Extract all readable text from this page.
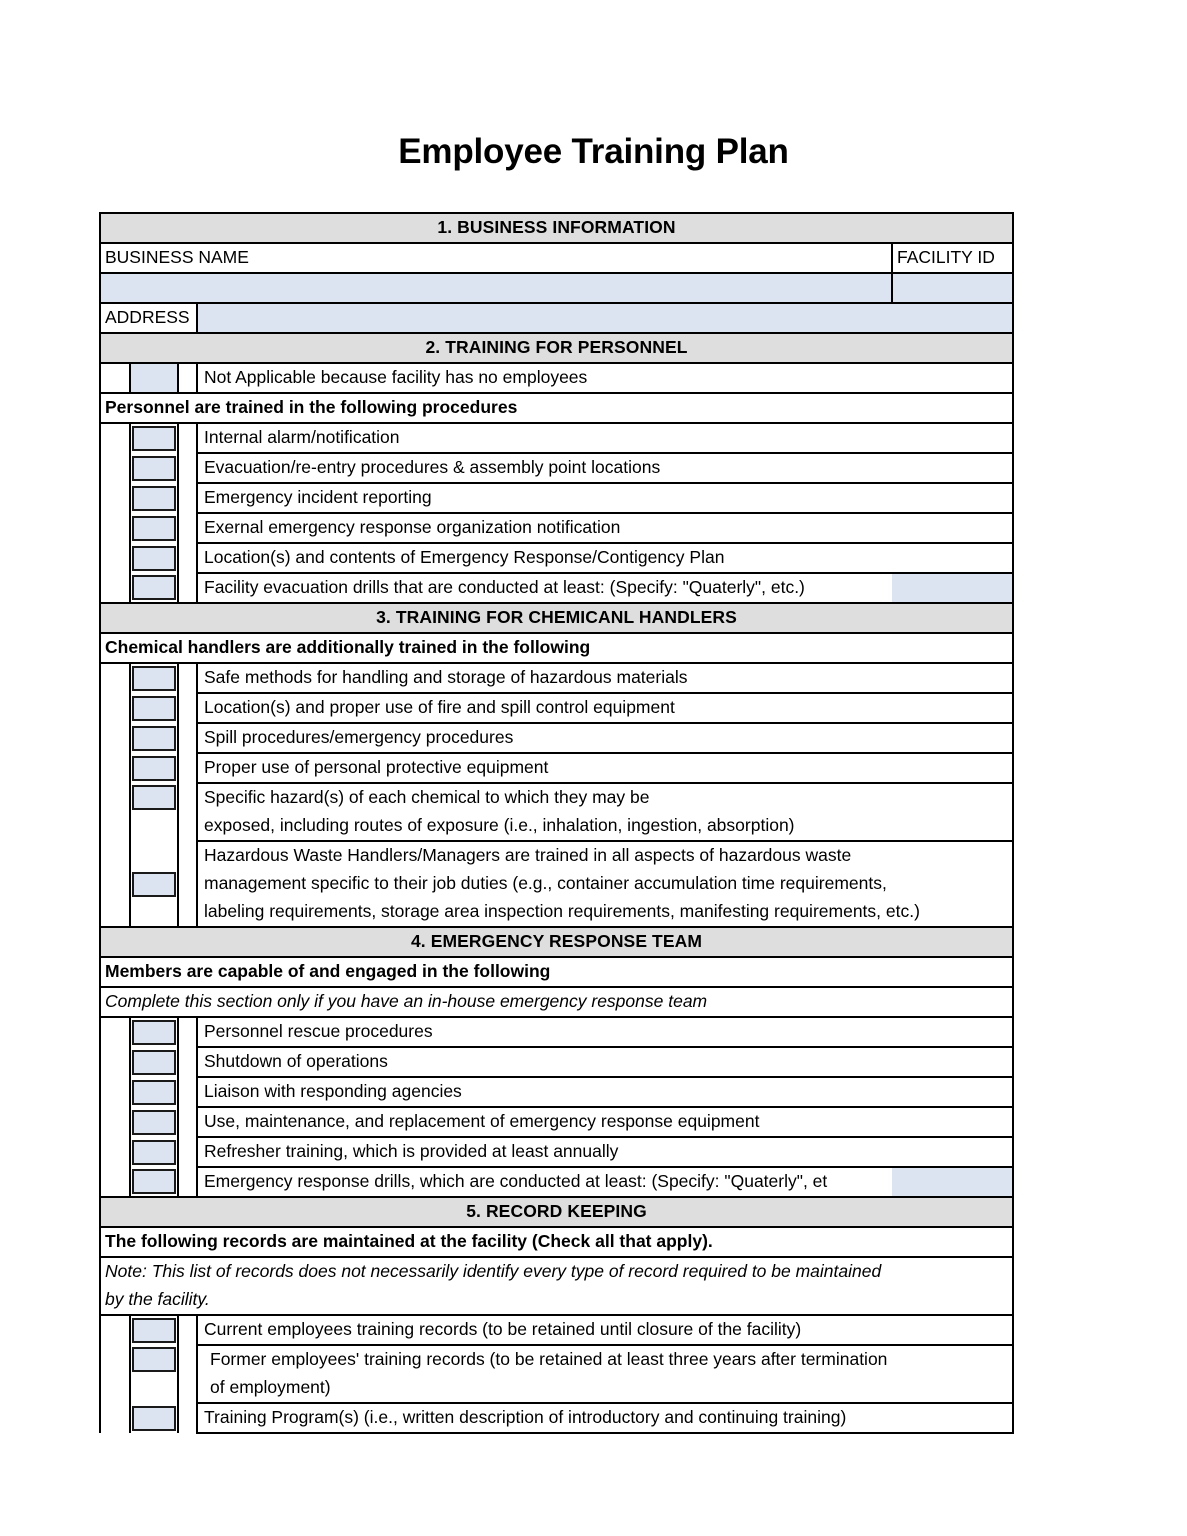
Employee Training Plan
1. BUSINESS INFORMATION				
BUSINESS NAME				FACILITY ID

ADDRESS				
2. TRAINING FOR PERSONNEL				
			Not Applicable because facility has no employees	
Personnel are trained in the following procedures				

		Internal alarm/notification	

			Evacuation/re-entry procedures & assembly point locations	

			Emergency incident reporting	

			Exernal emergency response organization notification	

			Location(s) and contents of Emergency Response/Contigency Plan	

			Facility evacuation drills that are conducted at least: (Specify: "Quaterly", etc.)	
3. TRAINING FOR CHEMICANL HANDLERS				
Chemical handlers are additionally trained in the following				

		Safe methods for handling and storage of hazardous materials	

			Location(s) and proper use of fire and spill control equipment	

			Spill procedures/emergency procedures	

			Proper use of personal protective equipment	

			Specific hazard(s) of each chemical to which they may be	
			exposed, including routes of exposure (i.e., inhalation, ingestion, absorption)	
			Hazardous Waste Handlers/Managers are trained in all aspects of hazardous waste	

			management specific to their job duties (e.g., container accumulation time requirements,	
			labeling requirements, storage area inspection requirements, manifesting requirements, etc.)	
4. EMERGENCY RESPONSE TEAM				
Members are capable of and engaged in the following				
Complete this section only if you have an in-house emergency response team				

		Personnel rescue procedures	

			Shutdown of operations	

			Liaison with responding agencies	

			Use, maintenance, and replacement of emergency response equipment	

			Refresher training, which is provided at least annually	

			Emergency response drills, which are conducted at least: (Specify: "Quaterly", et	
5. RECORD KEEPING				
The following records are maintained at the facility (Check all that apply).				
Note: This list of records does not necessarily identify every type of record required to be maintained				
by the facility.				

		Current employees training records (to be retained until closure of the facility)	

			Former employees' training records (to be retained at least three years after termination	
			of employment)	

			Training Program(s) (i.e., written description of introductory and continuing training)	
